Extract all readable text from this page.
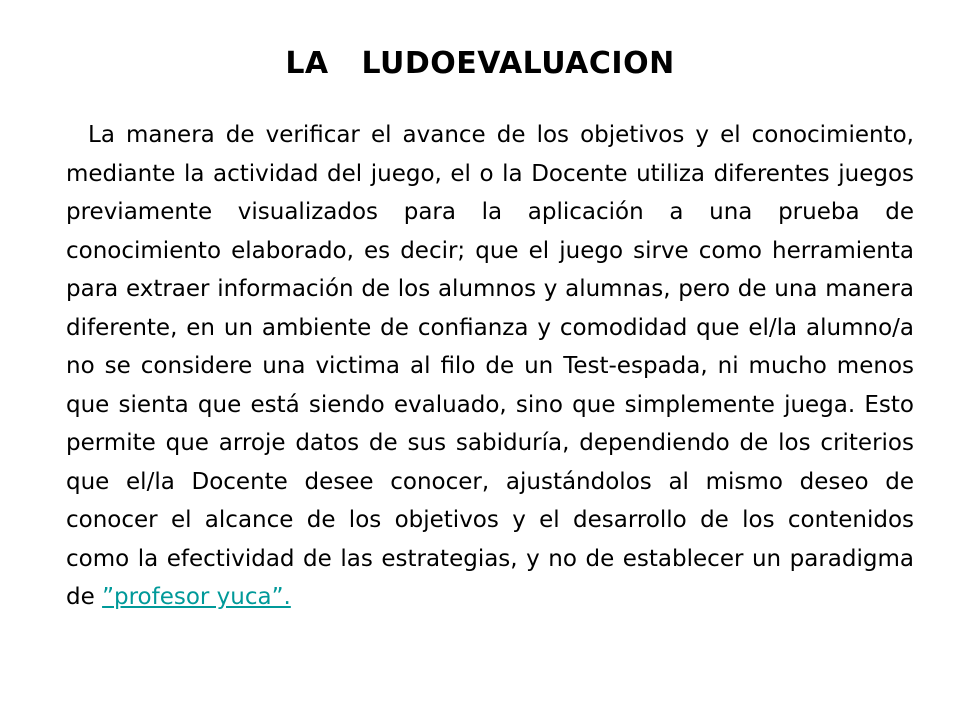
LA   LUDOEVALUACION

La manera de verificar el avance de los objetivos y el conocimiento, mediante la actividad del juego, el o la Docente utiliza diferentes juegos previamente visualizados para la aplicación a una prueba de conocimiento elaborado, es decir; que el juego sirve como herramienta para extraer información de los alumnos y alumnas, pero de una manera diferente, en un ambiente de confianza y comodidad que el/la alumno/a no se considere una victima al filo de un Test-espada, ni mucho menos que sienta que está siendo evaluado, sino que simplemente juega. Esto permite que arroje datos de sus sabiduría, dependiendo de los criterios que el/la Docente desee conocer, ajustándolos al mismo deseo de conocer el alcance de los objetivos y el desarrollo de los contenidos como la efectividad de las estrategias, y no de establecer un paradigma de ”profesor yuca”.
